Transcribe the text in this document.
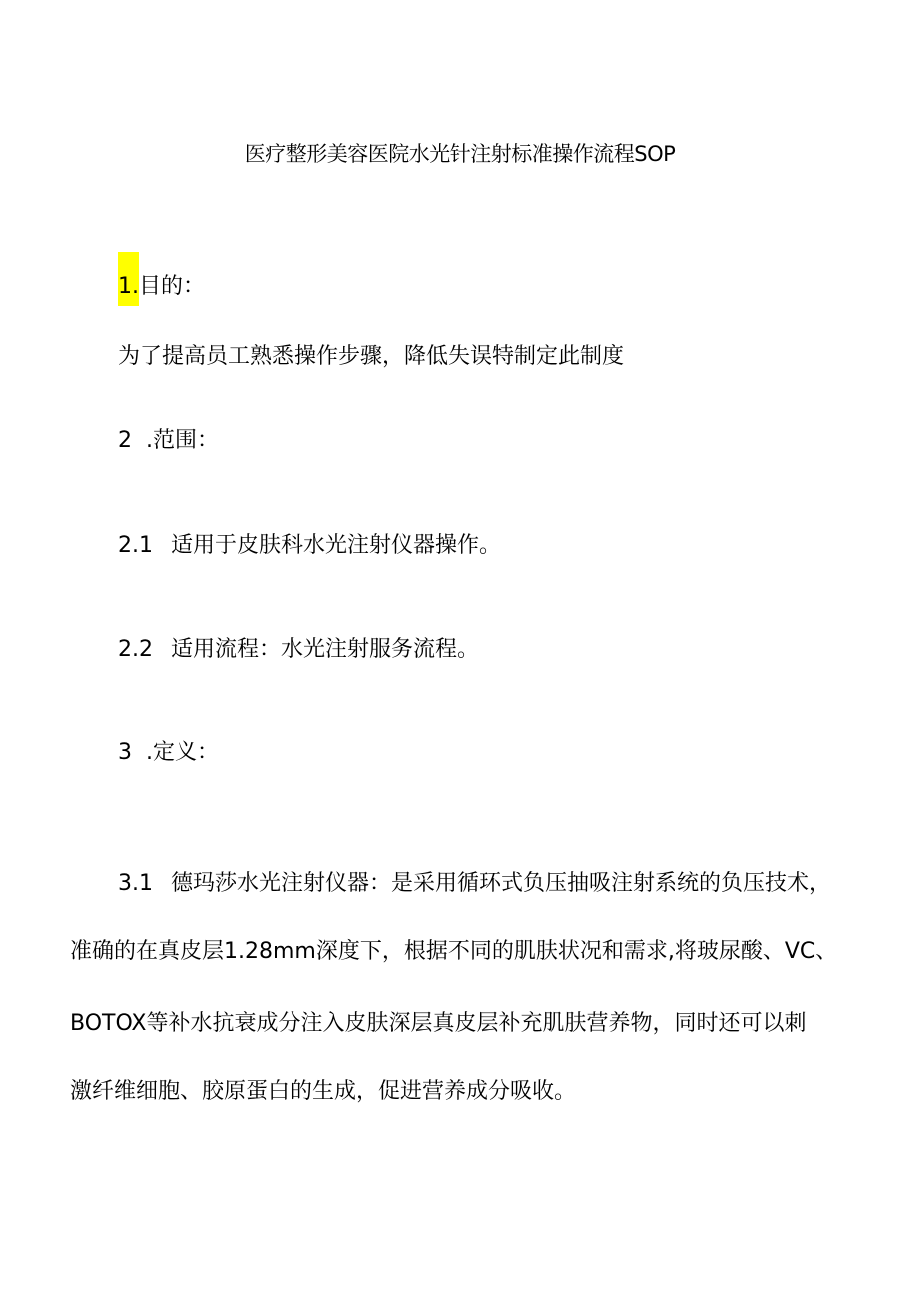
医疗整形美容医院水光针注射标准操作流程SOP
1.目的：
为了提高员工熟悉操作步骤，降低失误特制定此制度
2 .范围：
2.1 适用于皮肤科水光注射仪器操作。
2.2 适用流程：水光注射服务流程。
3 .定义：
3.1 德玛莎水光注射仪器：是采用循环式负压抽吸注射系统的负压技术，
准确的在真皮层1.28mm深度下，根据不同的肌肤状况和需求,将玻尿酸、VC、
BOTOX等补水抗衰成分注入皮肤深层真皮层补充肌肤营养物，同时还可以刺
激纤维细胞、胶原蛋白的生成，促进营养成分吸收。
